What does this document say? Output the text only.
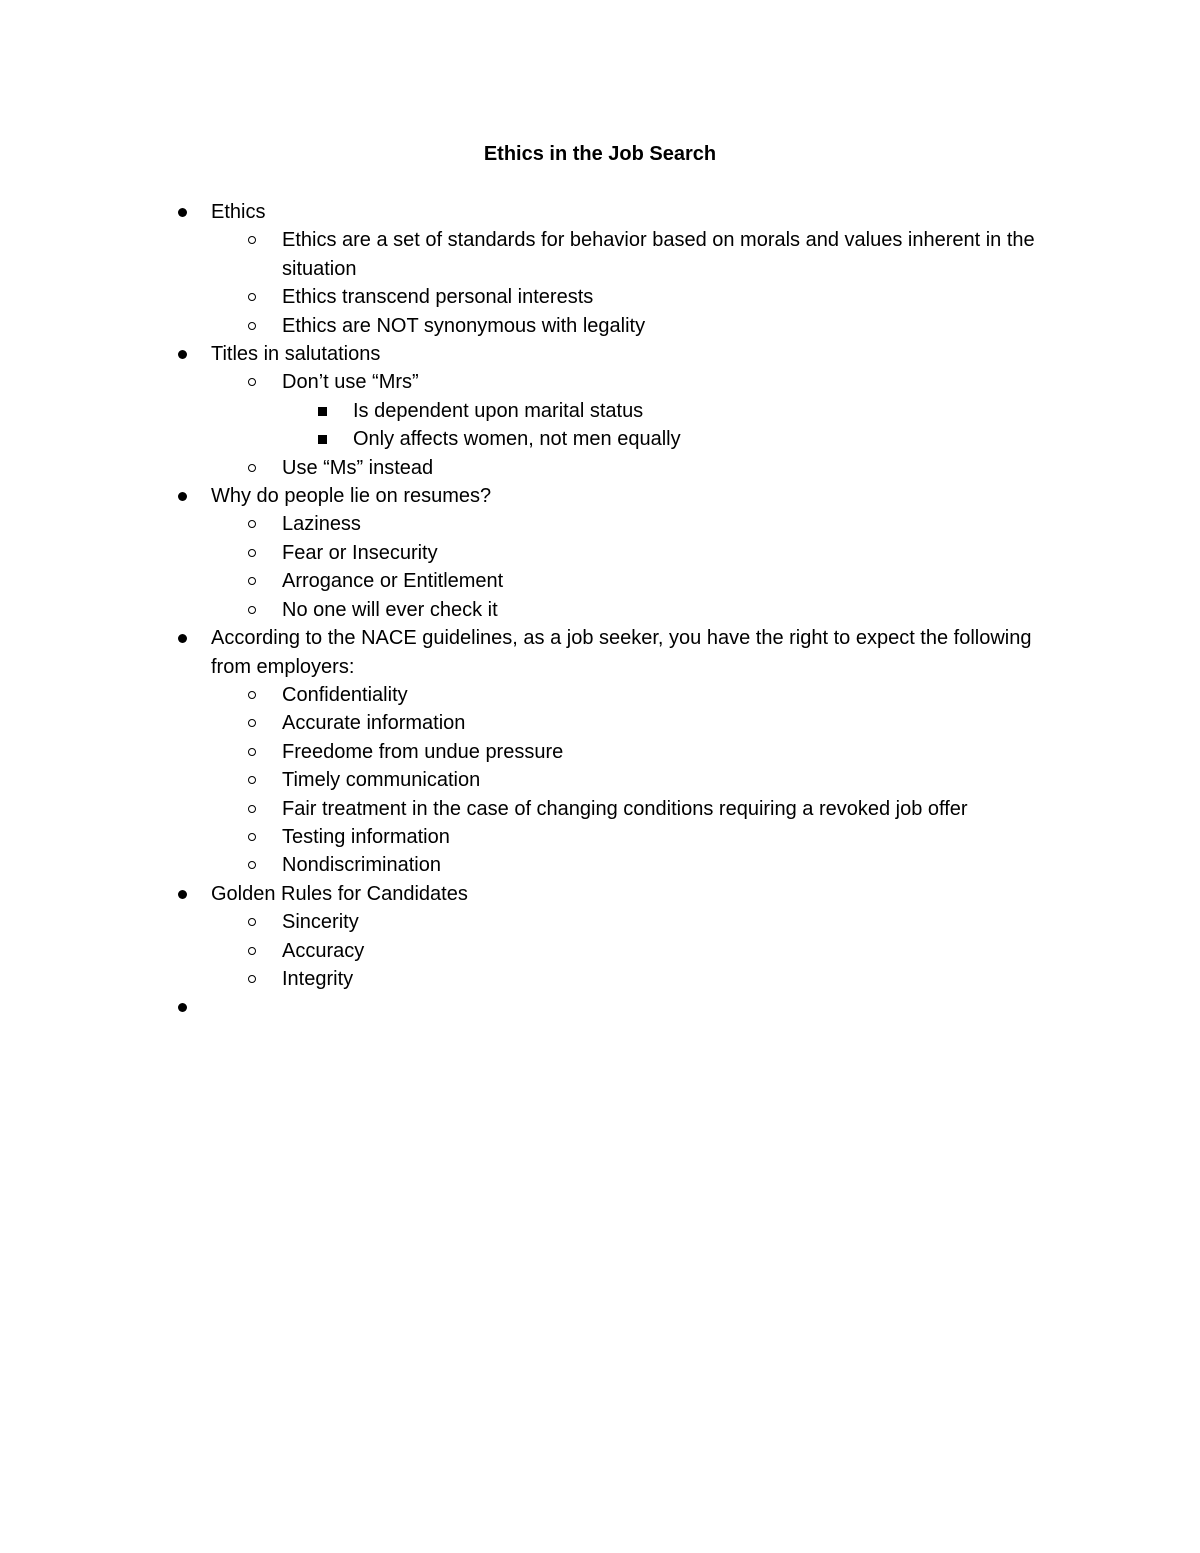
Ethics in the Job Search
Ethics
Ethics are a set of standards for behavior based on morals and values inherent in the situation
Ethics transcend personal interests
Ethics are NOT synonymous with legality
Titles in salutations
Don’t use “Mrs”
Is dependent upon marital status
Only affects women, not men equally
Use “Ms” instead
Why do people lie on resumes?
Laziness
Fear or Insecurity
Arrogance or Entitlement
No one will ever check it
According to the NACE guidelines, as a job seeker, you have the right to expect the following from employers:
Confidentiality
Accurate information
Freedome from undue pressure
Timely communication
Fair treatment in the case of changing conditions requiring a revoked job offer
Testing information
Nondiscrimination
Golden Rules for Candidates
Sincerity
Accuracy
Integrity
